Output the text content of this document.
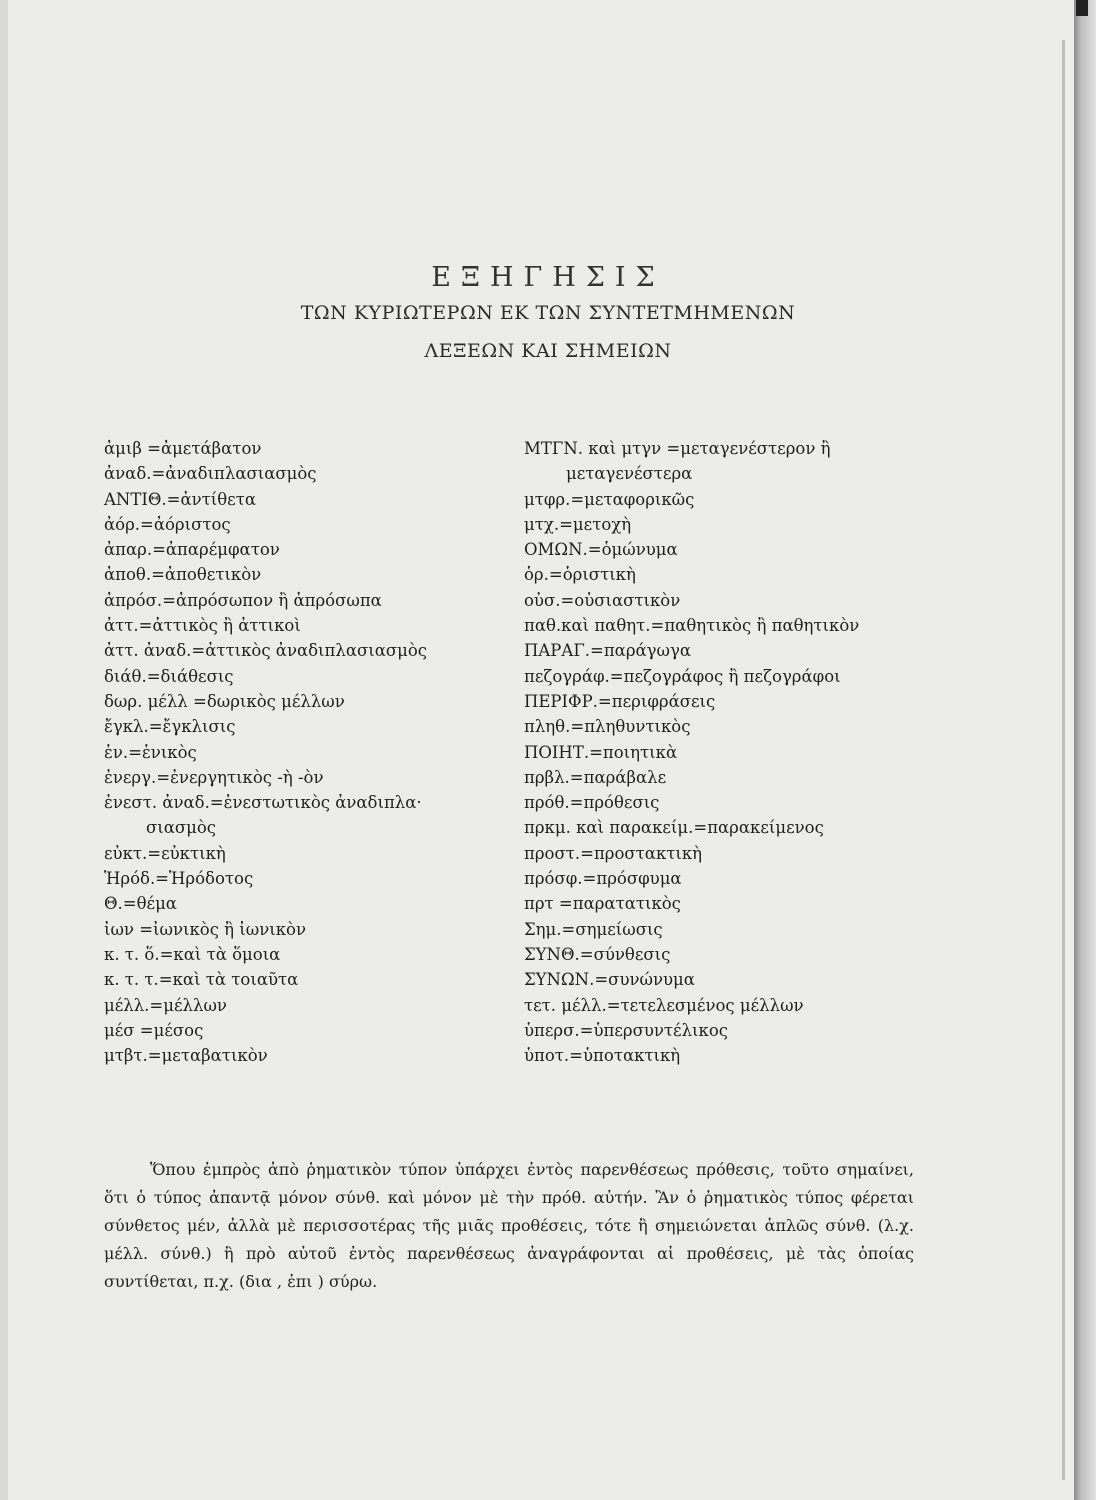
ΕΞΗΓΗΣΙΣ
ΤΩΝ ΚΥΡΙΩΤΕΡΩΝ ΕΚ ΤΩΝ ΣΥΝΤΕΤΜΗΜΕΝΩΝ
ΛΕΞΕΩΝ ΚΑΙ ΣΗΜΕΙΩΝ
ἀμιβ =ἀμετάβατον
ἀναδ.=ἀναδιπλασιασμὸς
ΑΝΤΙΘ.=ἀντίθετα
ἀόρ.=ἀόριστος
ἀπαρ.=ἀπαρέμφατον
ἀποθ.=ἀποθετικὸν
ἀπρόσ.=ἀπρόσωπον ἢ ἀπρόσωπα
ἀττ.=ἀττικὸς ἢ ἀττικοὶ
ἀττ. ἀναδ.=ἀττικὸς ἀναδιπλασιασμὸς
διάθ.=διάθεσις
δωρ. μέλλ =δωρικὸς μέλλων
ἔγκλ.=ἔγκλισις
ἑν.=ἑνικὸς
ἐνεργ.=ἐνεργητικὸς -ὴ -ὸν
ἐνεστ. ἀναδ.=ἐνεστωτικὸς ἀναδιπλα·
σιασμὸς
εὐκτ.=εὐκτικὴ
Ἡρόδ.=Ἡρόδοτος
Θ.=θέμα
ἰων =ἰωνικὸς ἢ ἰωνικὸν
κ. τ. ὅ.=καὶ τὰ ὅμοια
κ. τ. τ.=καὶ τὰ τοιαῦτα
μέλλ.=μέλλων
μέσ =μέσος
μτβτ.=μεταβατικὸν
ΜΤΓΝ. καὶ μτγν =μεταγενέστερον ἢ
μεταγενέστερα
μτφρ.=μεταφορικῶς
μτχ.=μετοχὴ
ΟΜΩΝ.=ὁμώνυμα
ὁρ.=ὁριστικὴ
οὐσ.=οὐσιαστικὸν
παθ.καὶ παθητ.=παθητικὸς ἢ παθητικὸν
ΠΑΡΑΓ.=παράγωγα
πεζογράφ.=πεζογράφος ἢ πεζογράφοι
ΠΕΡΙΦΡ.=περιφράσεις
πληθ.=πληθυντικὸς
ΠΟΙΗΤ.=ποιητικὰ
πρβλ.=παράβαλε
πρόθ.=πρόθεσις
πρκμ. καὶ παρακείμ.=παρακείμενος
προστ.=προστακτικὴ
πρόσφ.=πρόσφυμα
πρτ =παρατατικὸς
Σημ.=σημείωσις
ΣΥΝΘ.=σύνθεσις
ΣΥΝΩΝ.=συνώνυμα
τετ. μέλλ.=τετελεσμένος μέλλων
ὑπερσ.=ὑπερσυντέλικος
ὑποτ.=ὑποτακτικὴ

Ὅπου ἐμπρὸς ἀπὸ ῥηματικὸν τύπον ὑπάρχει ἐντὸς παρενθέσεως πρόθεσις, τοῦτο σημαίνει, ὅτι ὁ τύπος ἀπαντᾷ μόνον σύνθ. καὶ μόνον μὲ τὴν πρόθ. αὐτήν. Ἂν ὁ ῥηματικὸς τύπος φέρεται σύνθετος μέν, ἀλλὰ μὲ περισσοτέρας τῆς μιᾶς προθέσεις, τότε ἢ σημειώνεται ἁπλῶς σύνθ. (λ.χ. μέλλ. σύνθ.) ἢ πρὸ αὐτοῦ ἐντὸς παρενθέσεως ἀναγράφονται αἱ προθέσεις, μὲ τὰς ὁποίας συντίθεται, π.χ. (δια , ἐπι ) σύρω.
